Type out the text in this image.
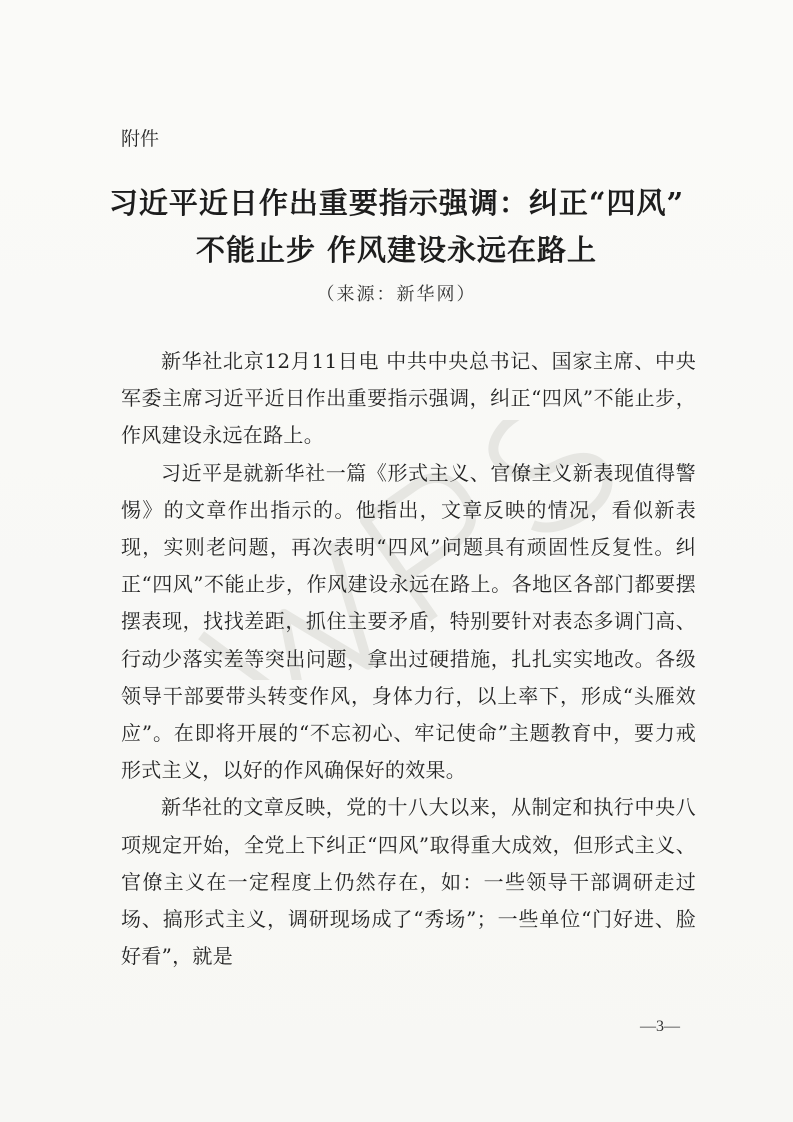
附件
习近平近日作出重要指示强调：纠正“四风”
不能止步 作风建设永远在路上
（来源：新华网）

新华社北京12月11日电 中共中央总书记、国家主席、中央军委主席习近平近日作出重要指示强调，纠正“四风”不能止步，作风建设永远在路上。

习近平是就新华社一篇《形式主义、官僚主义新表现值得警惕》的文章作出指示的。他指出，文章反映的情况，看似新表现，实则老问题，再次表明“四风”问题具有顽固性反复性。纠正“四风”不能止步，作风建设永远在路上。各地区各部门都要摆摆表现，找找差距，抓住主要矛盾，特别要针对表态多调门高、行动少落实差等突出问题，拿出过硬措施，扎扎实实地改。各级领导干部要带头转变作风，身体力行，以上率下，形成“头雁效应”。在即将开展的“不忘初心、牢记使命”主题教育中，要力戒形式主义，以好的作风确保好的效果。

新华社的文章反映，党的十八大以来，从制定和执行中央八项规定开始，全党上下纠正“四风”取得重大成效，但形式主义、官僚主义在一定程度上仍然存在，如：一些领导干部调研走过场、搞形式主义，调研现场成了“秀场”；一些单位“门好进、脸好看”，就是

—3—
